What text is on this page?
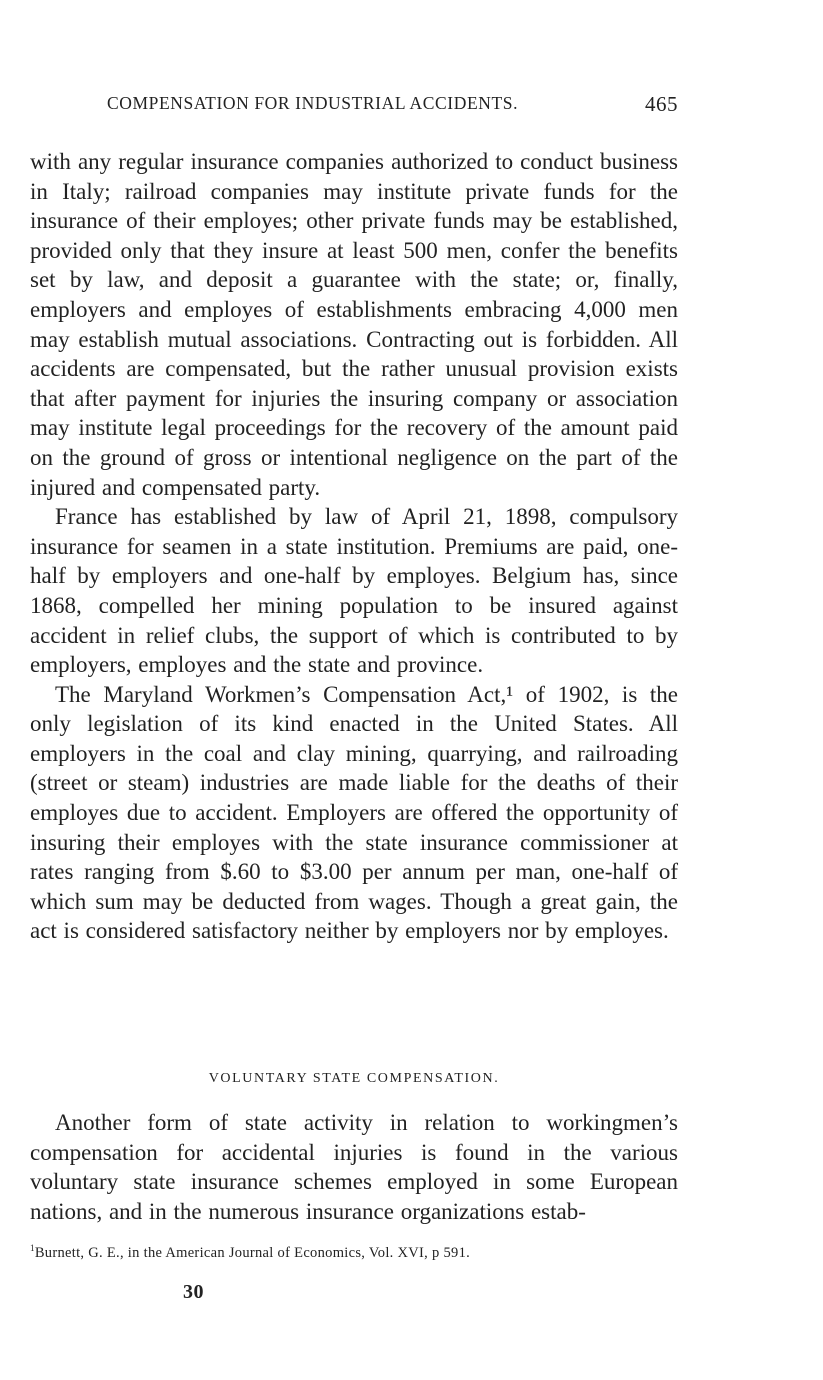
COMPENSATION FOR INDUSTRIAL ACCIDENTS.	465

with any regular insurance companies authorized to conduct business in Italy; railroad companies may institute private funds for the insurance of their employes; other private funds may be established, provided only that they insure at least 500 men, confer the benefits set by law, and deposit a guarantee with the state; or, finally, employers and employes of establishments embracing 4,000 men may establish mutual associations. Contracting out is forbidden. All accidents are compensated, but the rather unusual provision exists that after payment for injuries the insuring company or association may institute legal proceedings for the recovery of the amount paid on the ground of gross or intentional negligence on the part of the injured and compensated party.

France has established by law of April 21, 1898, compulsory insurance for seamen in a state institution. Premiums are paid, one-half by employers and one-half by employes. Belgium has, since 1868, compelled her mining population to be insured against accident in relief clubs, the support of which is contributed to by employers, employes and the state and province.

The Maryland Workmen’s Compensation Act,¹ of 1902, is the only legislation of its kind enacted in the United States. All employers in the coal and clay mining, quarrying, and railroading (street or steam) industries are made liable for the deaths of their employes due to accident. Employers are offered the opportunity of insuring their employes with the state insurance commissioner at rates ranging from $.60 to $3.00 per annum per man, one-half of which sum may be deducted from wages. Though a great gain, the act is considered satisfactory neither by employers nor by employes.

VOLUNTARY STATE COMPENSATION.

Another form of state activity in relation to workingmen’s compensation for accidental injuries is found in the various voluntary state insurance schemes employed in some European nations, and in the numerous insurance organizations estab-

$^1$Burnett, G. E., in the American Journal of Economics, Vol. XVI, p 591.
30
